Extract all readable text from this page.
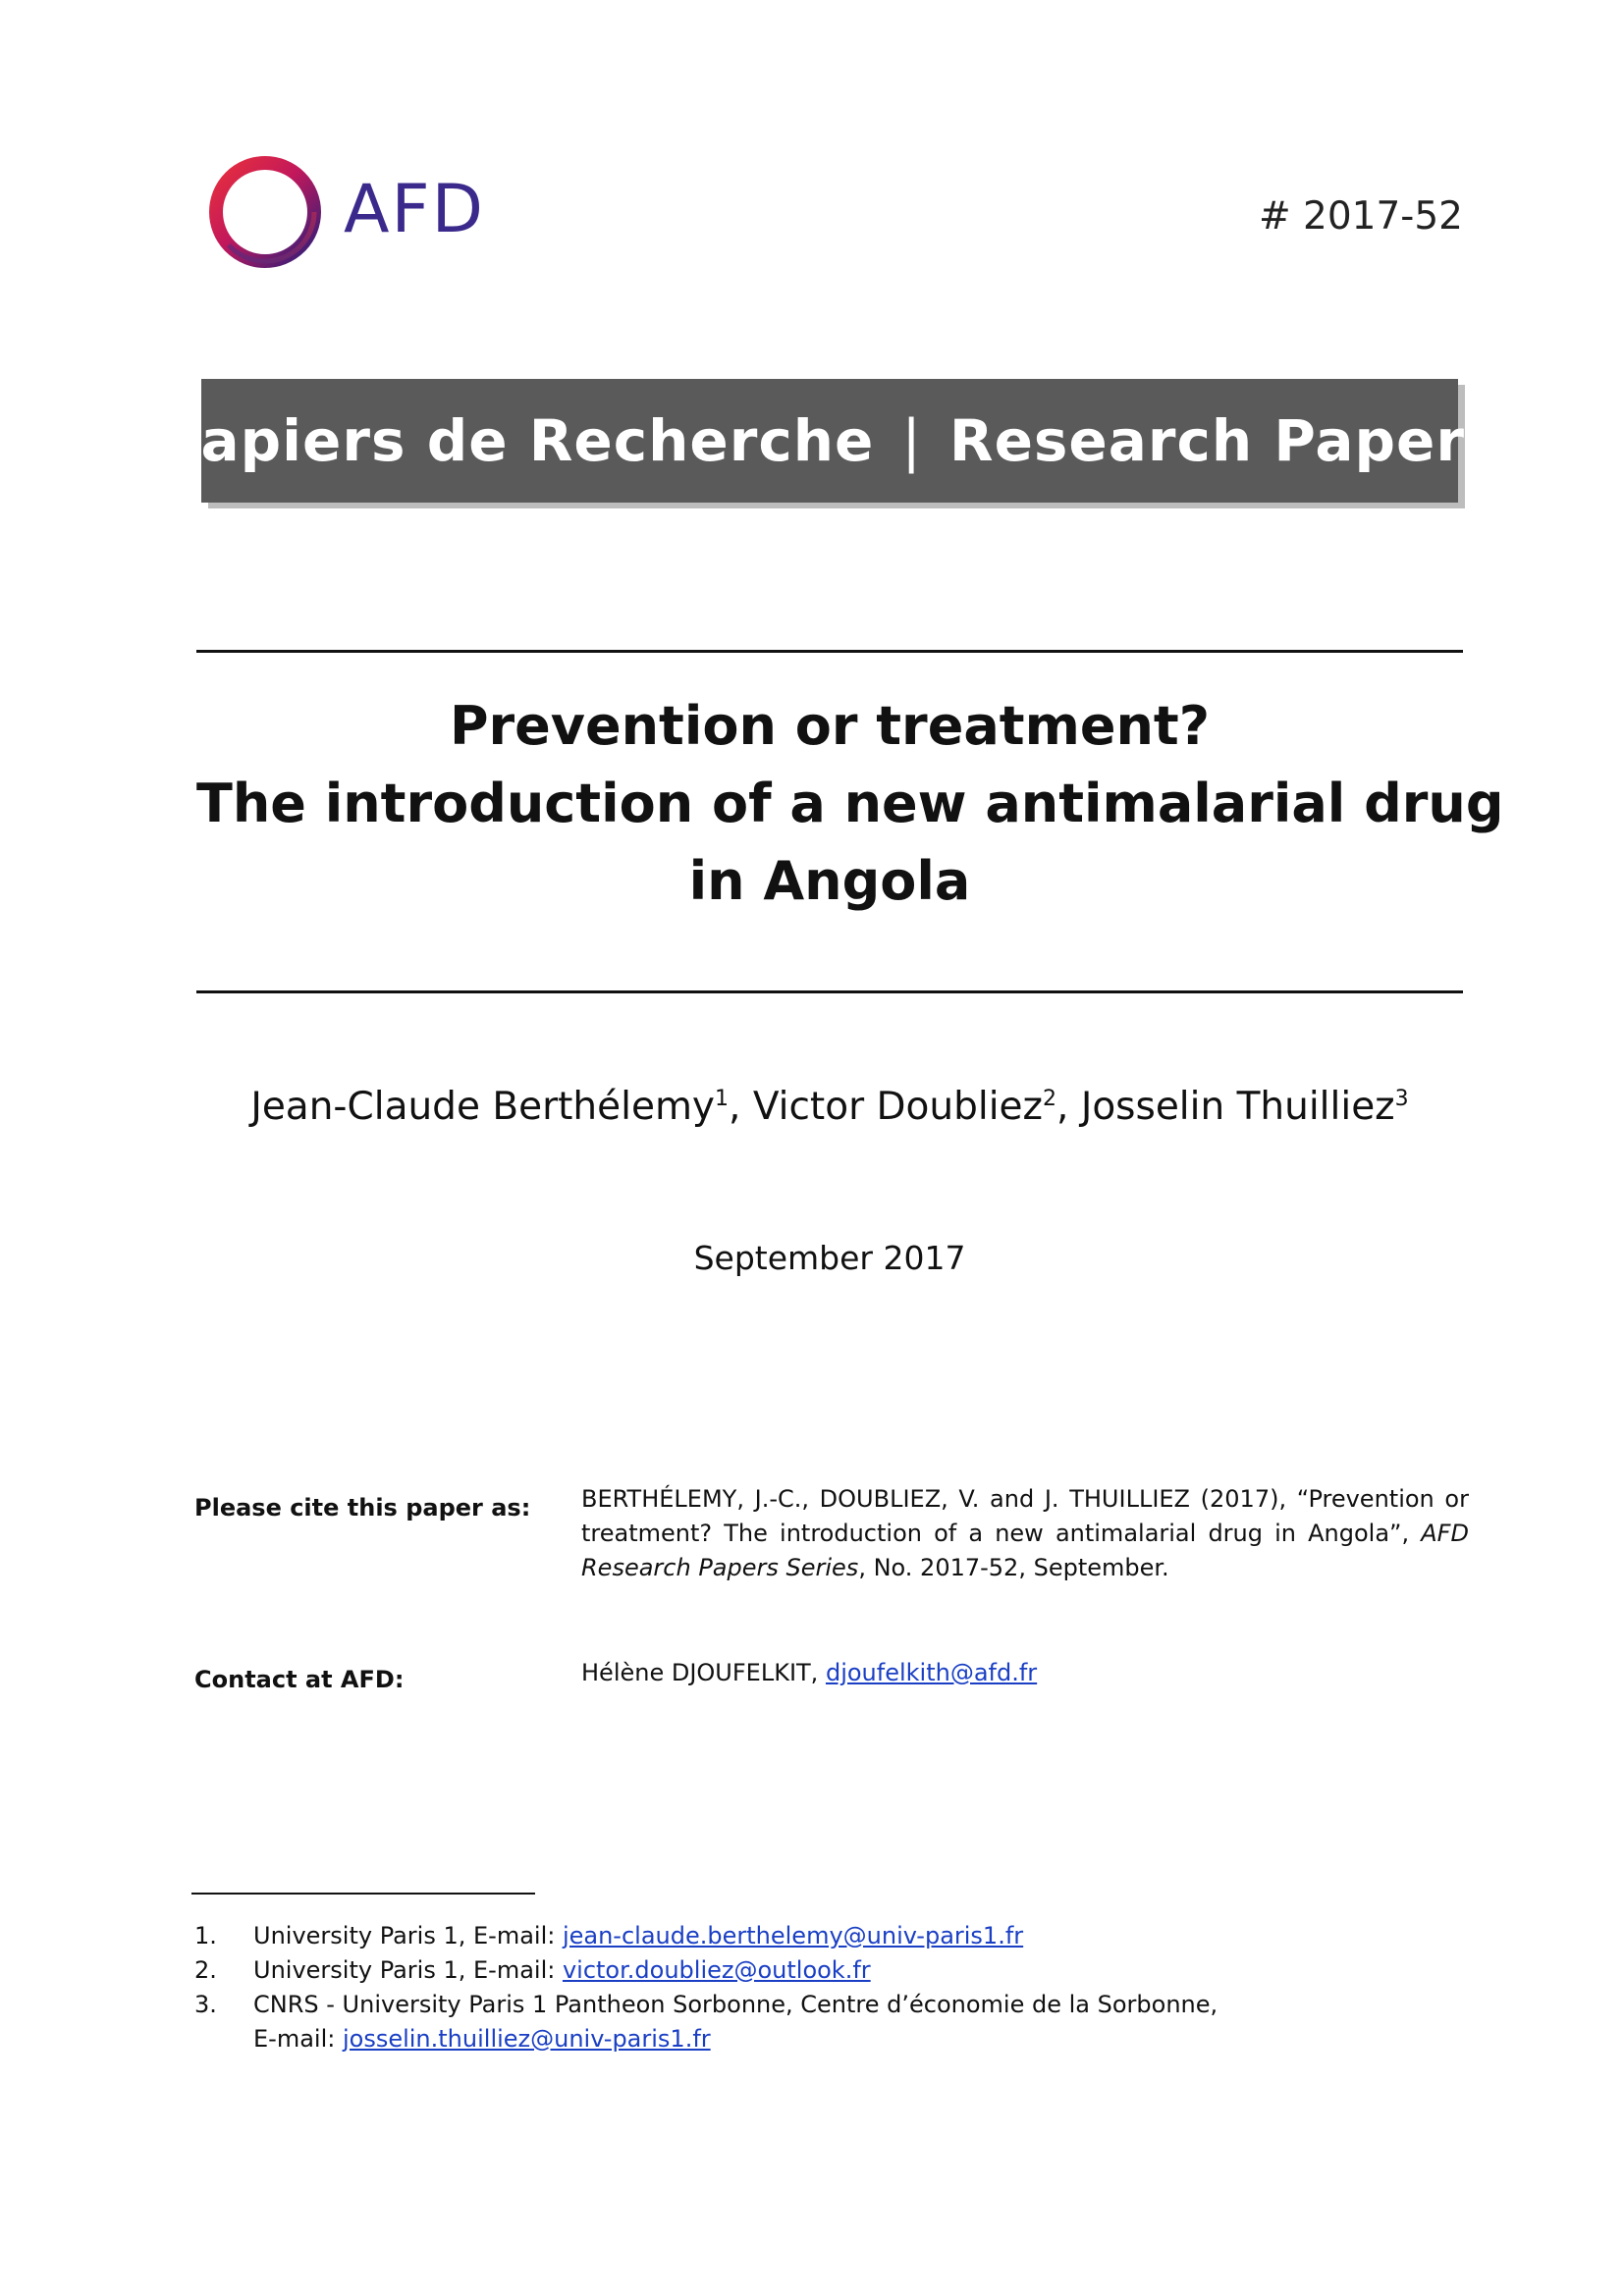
AFD	# 2017-52
Papiers de Recherche | Research Papers
Prevention or treatment?
The introduction of a new antimalarial drug
in Angola
Jean-Claude Berthélemy$^1$, Victor Doubliez$^2$, Josselin Thuilliez$^3$
September 2017
Please cite this paper as: BERTHÉLEMY, J.-C., DOUBLIEZ, V. and J. THUILLIEZ (2017), “Prevention or
treatment? The introduction of a new antimalarial drug in Angola”, AFD
Research Papers Series, No. 2017-52, September.
Contact at AFD:	Hélène DJOUFELKIT, djoufelkith@afd.fr
1. University Paris 1, E-mail: jean-claude.berthelemy@univ-paris1.fr
2. University Paris 1, E-mail: victor.doubliez@outlook.fr
3. CNRS - University Paris 1 Pantheon Sorbonne, Centre d’économie de la Sorbonne,
E-mail: josselin.thuilliez@univ-paris1.fr
